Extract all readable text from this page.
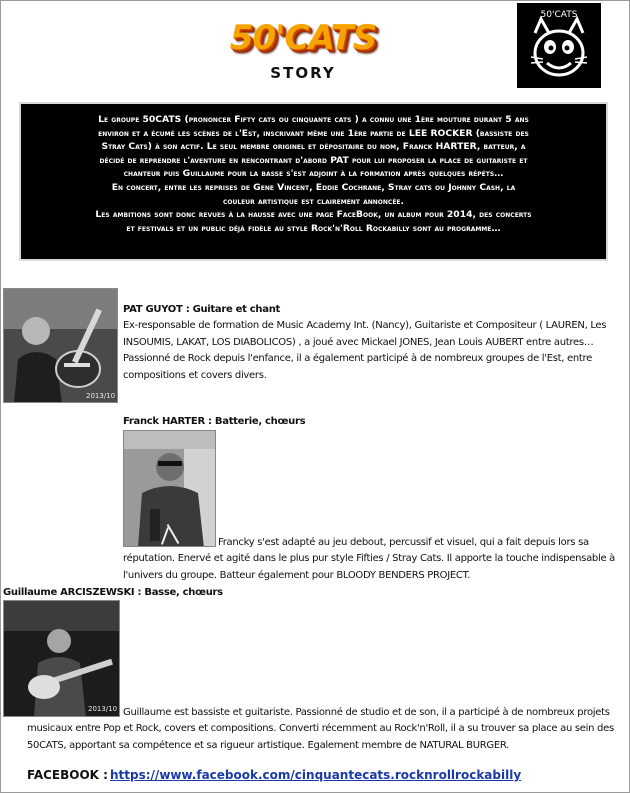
50'CATS
STORY
50'CATS
Le groupe 50CATS (prononcer Fifty cats ou cinquante cats ) a connu une 1ère mouture durant 5 ans
environ et a écumé les scènes de l'Est, inscrivant même une 1ère partie de LEE ROCKER (bassiste des
Stray Cats) à son actif. Le seul membre originel et dépositaire du nom, Franck HARTER, batteur, a
décidé de reprendre l'aventure en rencontrant d'abord PAT pour lui proposer la place de guitariste et
chanteur puis Guillaume pour la basse s'est adjoint à la formation après quelques répéts…
En concert, entre les reprises de Gene Vincent, Eddie Cochrane, Stray cats ou Johnny Cash, la
couleur artistique est clairement annoncée.
Les ambitions sont donc revues à la hausse avec une page FaceBook, un album pour 2014, des concerts
et festivals et un public déjà fidèle au style Rock'n'Roll Rockabilly sont au programme…
2013/10
PAT GUYOT : Guitare et chant
Ex-responsable de formation de Music Academy Int. (Nancy), Guitariste et Compositeur ( LAUREN, Les
INSOUMIS, LAKAT, LOS DIABOLICOS) , a joué avec Mickael JONES, Jean Louis AUBERT entre autres…
Passionné de Rock depuis l'enfance, il a également participé à de nombreux groupes de l'Est, entre
compositions et covers divers.
Franck HARTER : Batterie, chœurs
Francky s'est adapté au jeu debout, percussif et visuel, qui a fait depuis lors sa
réputation. Enervé et agité dans le plus pur style Fifties / Stray Cats. Il apporte la touche indispensable à
l'univers du groupe. Batteur également pour BLOODY BENDERS PROJECT.
Guillaume ARCISZEWSKI : Basse, chœurs
2013/10 Guillaume est bassiste et guitariste. Passionné de studio et de son, il a participé à de nombreux projets
musicaux entre Pop et Rock, covers et compositions. Converti récemment au Rock'n'Roll, il a su trouver sa place au sein des
50CATS, apportant sa compétence et sa rigueur artistique. Egalement membre de NATURAL BURGER.
FACEBOOK : https://www.facebook.com/cinquantecats.rocknrollrockabilly
